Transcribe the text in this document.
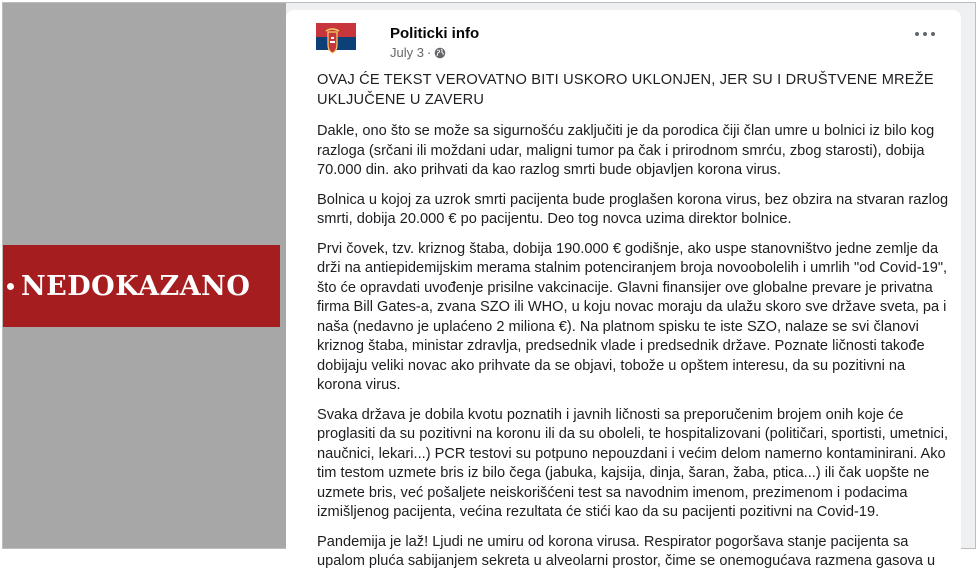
NEDOKAZANO
Politicki info
July 3 ·

OVAJ ĆE TEKST VEROVATNO BITI USKORO UKLONJEN, JER SU I DRUŠTVENE MREŽE UKLJUČENE U ZAVERU

Dakle, ono što se može sa sigurnošću zaključiti je da porodica čiji član umre u bolnici iz bilo kog razloga (srčani ili moždani udar, maligni tumor pa čak i prirodnom smrću, zbog starosti), dobija 70.000 din. ako prihvati da kao razlog smrti bude objavljen korona virus.

Bolnica u kojoj za uzrok smrti pacijenta bude proglašen korona virus, bez obzira na stvaran razlog smrti, dobija 20.000 € po pacijentu. Deo tog novca uzima direktor bolnice.

Prvi čovek, tzv. kriznog štaba, dobija 190.000 € godišnje, ako uspe stanovništvo jedne zemlje da drži na antiepidemijskim merama stalnim potenciranjem broja novoobolelih i umrlih "od Covid-19", što će opravdati uvođenje prisilne vakcinacije. Glavni finansijer ove globalne prevare je privatna firma Bill Gates-a, zvana SZO ili WHO, u koju novac moraju da ulažu skoro sve države sveta, pa i naša (nedavno je uplaćeno 2 miliona €). Na platnom spisku te iste SZO, nalaze se svi članovi kriznog štaba, ministar zdravlja, predsednik vlade i predsednik države. Poznate ličnosti takođe dobijaju veliki novac ako prihvate da se objavi, tobože u opštem interesu, da su pozitivni na korona virus.

Svaka država je dobila kvotu poznatih i javnih ličnosti sa preporučenim brojem onih koje će proglasiti da su pozitivni na koronu ili da su oboleli, te hospitalizovani (političari, sportisti, umetnici, naučnici, lekari...) PCR testovi su potpuno nepouzdani i većim delom namerno kontaminirani. Ako tim testom uzmete bris iz bilo čega (jabuka, kajsija, dinja, šaran, žaba, ptica...) ili čak uopšte ne uzmete bris, već pošaljete neiskorišćeni test sa navodnim imenom, prezimenom i podacima izmišljenog pacijenta, većina rezultata će stići kao da su pacijenti pozitivni na Covid-19.

Pandemija je laž! Ljudi ne umiru od korona virusa. Respirator pogoršava stanje pacijenta sa upalom pluća sabijanjem sekreta u alveolarni prostor, čime se onemogućava razmena gasova u
